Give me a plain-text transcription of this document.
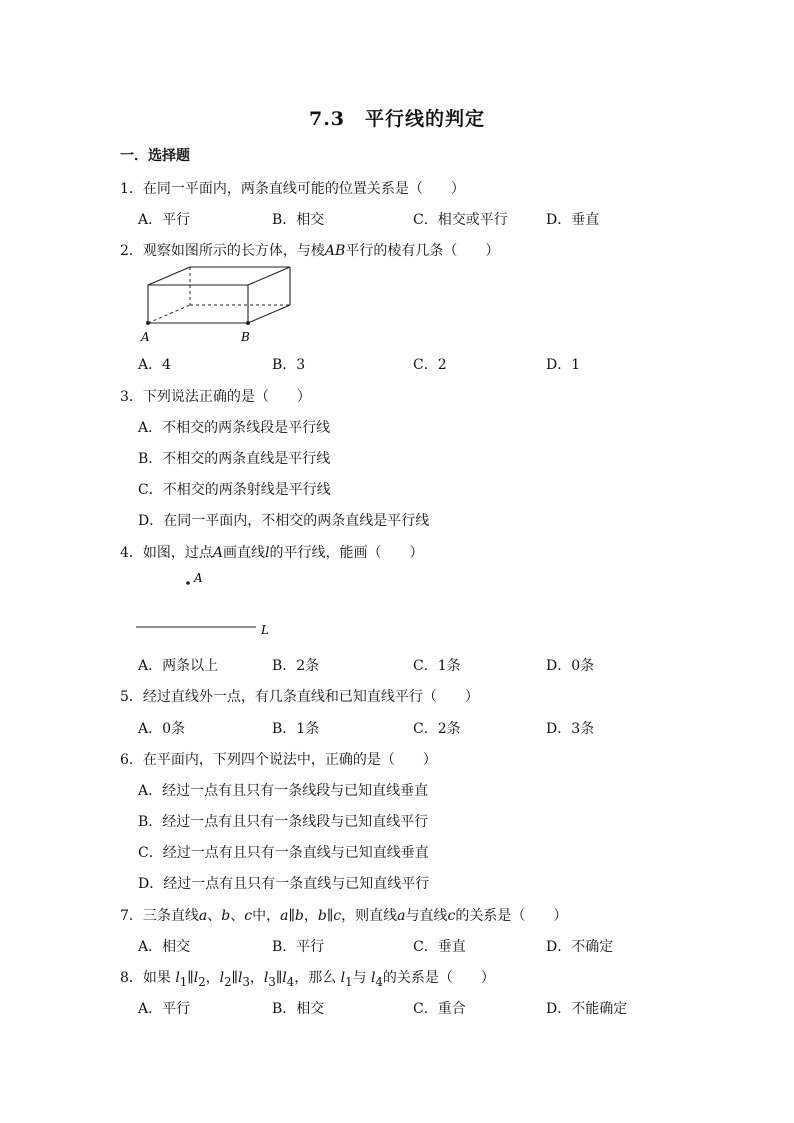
7.3　平行线的判定
一．选择题
1．在同一平面内，两条直线可能的位置关系是（　　）
A．平行	B．相交	C．相交或平行	D．垂直
2．观察如图所示的长方体，与棱AB平行的棱有几条（　　）
A	B
A．4	B．3	C．2	D．1
3．下列说法正确的是（　　）
A．不相交的两条线段是平行线
B．不相交的两条直线是平行线
C．不相交的两条射线是平行线
D．在同一平面内，不相交的两条直线是平行线
4．如图，过点A画直线l的平行线，能画（　　）
A
L
A．两条以上	B．2条	C．1条	D．0条
5．经过直线外一点，有几条直线和已知直线平行（　　）
A．0条	B．1条	C．2条	D．3条
6．在平面内，下列四个说法中，正确的是（　　）
A．经过一点有且只有一条线段与已知直线垂直
B．经过一点有且只有一条线段与已知直线平行
C．经过一点有且只有一条直线与已知直线垂直
D．经过一点有且只有一条直线与已知直线平行
7．三条直线a、b、c中，a∥b，b∥c，则直线a与直线c的关系是（　　）
A．相交	B．平行	C．垂直	D．不确定
8．如果 $l_1\parallel l_2$，$l_2\parallel l_3$，$l_3\parallel l_4$，那么 $l_1$与 $l_4$的关系是（　　）
A．平行	B．相交	C．重合	D．不能确定
